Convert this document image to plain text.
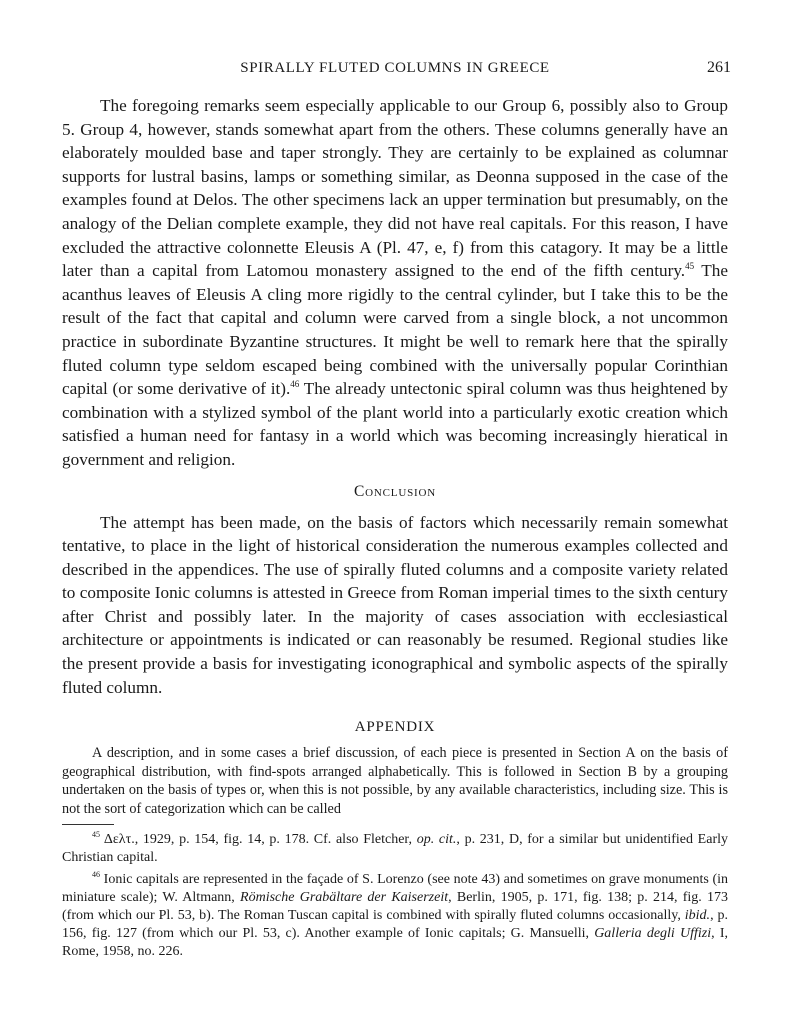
SPIRALLY FLUTED COLUMNS IN GREECE	261

The foregoing remarks seem especially applicable to our Group 6, possibly also to Group 5. Group 4, however, stands somewhat apart from the others. These columns generally have an elaborately moulded base and taper strongly. They are certainly to be explained as columnar supports for lustral basins, lamps or something similar, as Deonna supposed in the case of the examples found at Delos. The other specimens lack an upper termination but presumably, on the analogy of the Delian complete example, they did not have real capitals. For this reason, I have excluded the attractive colonnette Eleusis A (Pl. 47, e, f) from this catagory. It may be a little later than a capital from Latomou monastery assigned to the end of the fifth century.$^{45}$ The acanthus leaves of Eleusis A cling more rigidly to the central cylinder, but I take this to be the result of the fact that capital and column were carved from a single block, a not uncommon practice in subordinate Byzantine structures. It might be well to remark here that the spirally fluted column type seldom escaped being combined with the universally popular Corinthian capital (or some derivative of it).$^{46}$ The already untectonic spiral column was thus heightened by combination with a stylized symbol of the plant world into a particularly exotic creation which satisfied a human need for fantasy in a world which was becoming increasingly hieratical in government and religion.

Conclusion

The attempt has been made, on the basis of factors which necessarily remain somewhat tentative, to place in the light of historical consideration the numerous examples collected and described in the appendices. The use of spirally fluted columns and a composite variety related to composite Ionic columns is attested in Greece from Roman imperial times to the sixth century after Christ and possibly later. In the majority of cases association with ecclesiastical architecture or appointments is indicated or can reasonably be resumed. Regional studies like the present provide a basis for investigating iconographical and symbolic aspects of the spirally fluted column.

APPENDIX

A description, and in some cases a brief discussion, of each piece is presented in Section A on the basis of geographical distribution, with find-spots arranged alphabetically. This is followed in Section B by a grouping undertaken on the basis of types or, when this is not possible, by any available characteristics, including size. This is not the sort of categorization which can be called

$^{45}$ Δελτ., 1929, p. 154, fig. 14, p. 178. Cf. also Fletcher, op. cit., p. 231, D, for a similar but unidentified Early Christian capital.

$^{46}$ Ionic capitals are represented in the façade of S. Lorenzo (see note 43) and sometimes on grave monuments (in miniature scale); W. Altmann, Römische Grabältare der Kaiserzeit, Berlin, 1905, p. 171, fig. 138; p. 214, fig. 173 (from which our Pl. 53, b). The Roman Tuscan capital is combined with spirally fluted columns occasionally, ibid., p. 156, fig. 127 (from which our Pl. 53, c). Another example of Ionic capitals; G. Mansuelli, Galleria degli Uffizi, I, Rome, 1958, no. 226.
